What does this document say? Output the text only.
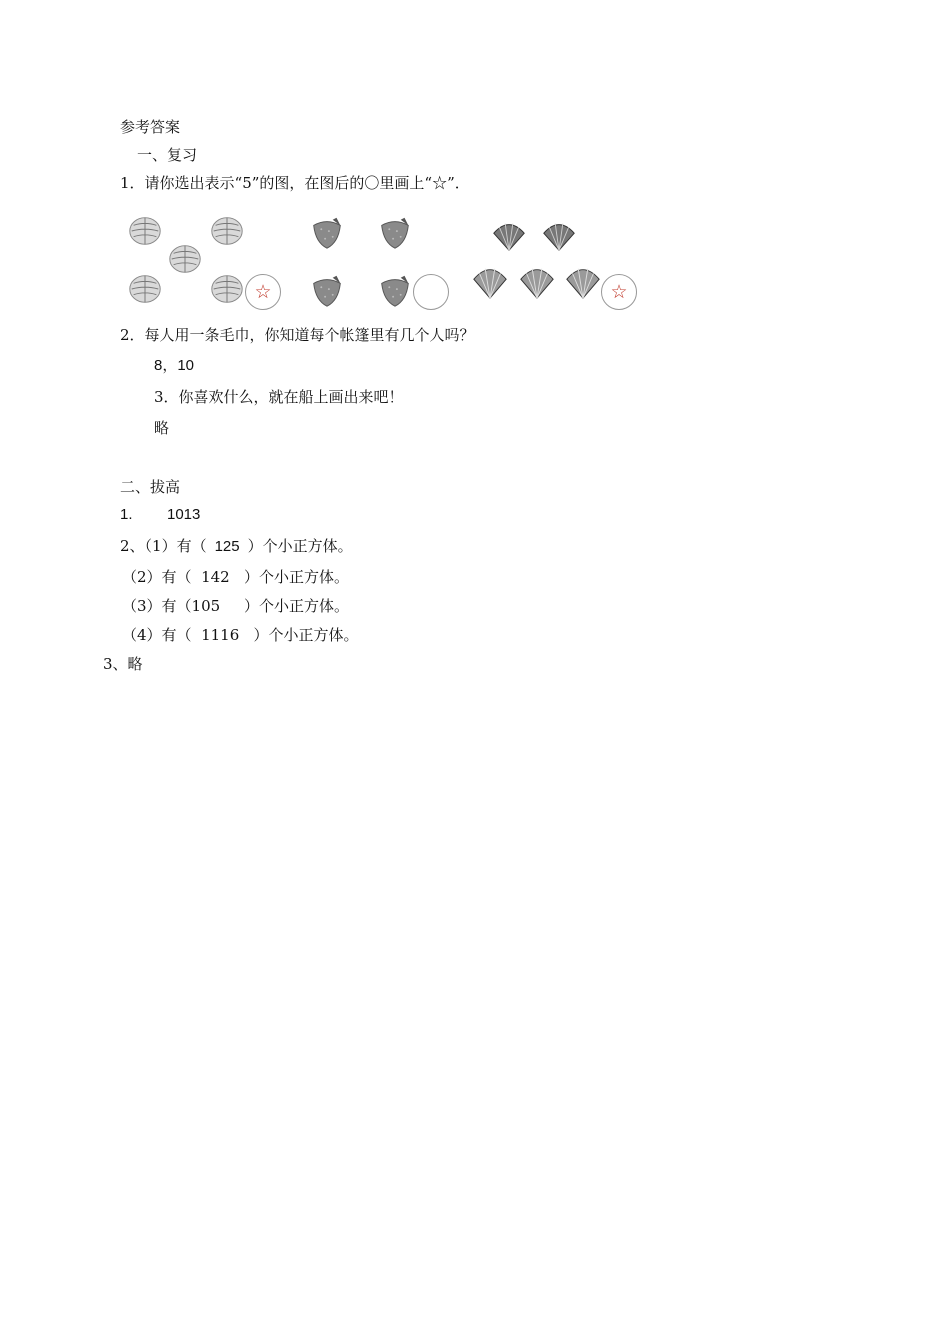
参考答案
一、复习
1．请你选出表示“5”的图，在图后的〇里画上“☆”．
☆	☆
2．每人用一条毛巾，你知道每个帐篷里有几个人吗？
8，10
3．你喜欢什么，就在船上画出来吧！
略
二、拔高
1. 1013
2、（1）有（ 125 ）个小正方体。
（2）有（  142   ）个小正方体。
（3）有（105     ）个小正方体。
（4）有（  1116   ）个小正方体。
3、略
